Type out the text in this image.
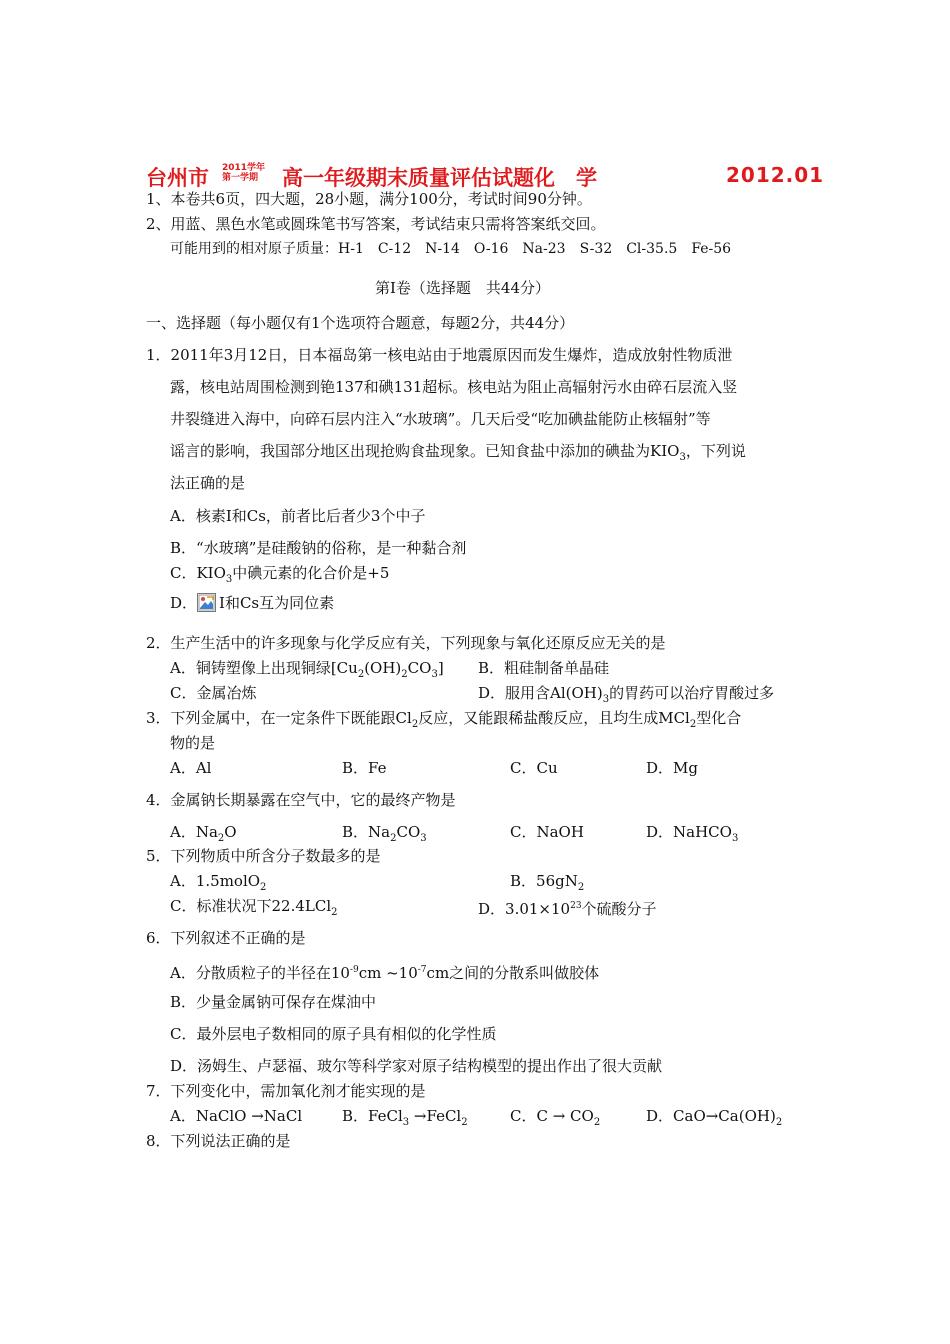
台州市 2011学年
第一学期	高一年级期末质量评估试题化　学	2012.01
1、本卷共6页，四大题，28小题，满分100分，考试时间90分钟。
2、用蓝、黑色水笔或圆珠笔书写答案，考试结束只需将答案纸交回。
可能用到的相对原子质量：H-1　C-12　N-14　O-16　Na-23　S-32　Cl-35.5　Fe-56
第Ⅰ卷（选择题　共44分）
一、选择题（每小题仅有1个选项符合题意，每题2分，共44分）
1．2011年3月12日，日本福岛第一核电站由于地震原因而发生爆炸，造成放射性物质泄
露，核电站周围检测到铯137和碘131超标。核电站为阻止高辐射污水由碎石层流入竖
井裂缝进入海中，向碎石层内注入“水玻璃”。几天后受“吃加碘盐能防止核辐射”等
谣言的影响，我国部分地区出现抢购食盐现象。已知食盐中添加的碘盐为$KIO_3$，下列说
法正确的是
A．核素Ⅰ和Cs，前者比后者少3个中子
B．“水玻璃”是硅酸钠的俗称，是一种黏合剂
C．$KIO_3$中碘元素的化合价是+5
D． Ⅰ和Cs互为同位素
2．生产生活中的许多现象与化学反应有关，下列现象与氧化还原反应无关的是
A．铜铸塑像上出现铜绿$[Cu_2(OH)_2CO_3]$ B．粗硅制备单晶硅
C．金属冶炼	D．服用含$Al(OH)_3$的胃药可以治疗胃酸过多
3．下列金属中，在一定条件下既能跟$Cl_2$反应，又能跟稀盐酸反应，且均生成MCl$_2$型化合
物的是
A．Al	B．Fe	C．Cu	D．Mg
4．金属钠长期暴露在空气中，它的最终产物是
A．$Na_2O$	B．$Na_2CO_3$	C．NaOH	D．NaHCO$_3$
5．下列物质中所含分子数最多的是
A．1.5molO$_2$	B．$56gN_2$
C．标准状况下22.4LCl$_2$	D．$3.01\times 10^{23}$个硫酸分子
6．下列叙述不正确的是
A．分散质粒子的半径在$10^{-9}cm$ $\sim 10^{-7}cm$之间的分散系叫做胶体
B．少量金属钠可保存在煤油中
C．最外层电子数相同的原子具有相似的化学性质
D．汤姆生、卢瑟福、玻尔等科学家对原子结构模型的提出作出了很大贡献
7．下列变化中，需加氧化剂才能实现的是
A．NaClO →NaCl	B．FeCl$_3$ →FeCl$_2$	C．$C \to CO_2$	D．$CaO\to Ca(OH)_2$
8．下列说法正确的是
